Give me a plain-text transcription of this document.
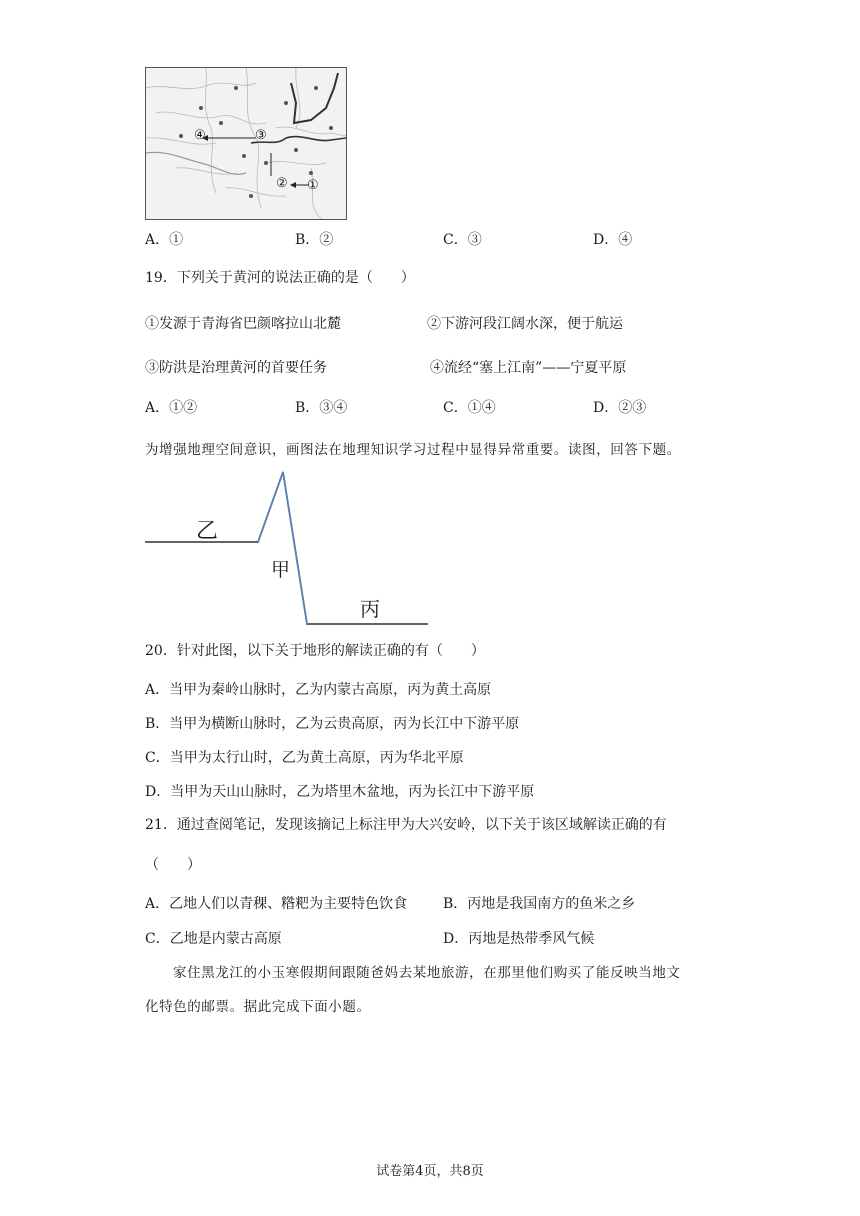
④	③
② ①
A．①	B．②	C．③	D．④
19．下列关于黄河的说法正确的是（　　）
①发源于青海省巴颜喀拉山北麓	②下游河段江阔水深，便于航运
③防洪是治理黄河的首要任务	④流经“塞上江南”——宁夏平原
A．①②	B．③④	C．①④	D．②③
为增强地理空间意识，画图法在地理知识学习过程中显得异常重要。读图，回答下题。
乙
甲
丙
20．针对此图，以下关于地形的解读正确的有（　　）
A．当甲为秦岭山脉时，乙为内蒙古高原，丙为黄土高原
B．当甲为横断山脉时，乙为云贵高原，丙为长江中下游平原
C．当甲为太行山时，乙为黄土高原，丙为华北平原
D．当甲为天山山脉时，乙为塔里木盆地，丙为长江中下游平原
21．通过查阅笔记，发现该摘记上标注甲为大兴安岭，以下关于该区域解读正确的有
（　　）
A．乙地人们以青稞、糌粑为主要特色饮食	B．丙地是我国南方的鱼米之乡
C．乙地是内蒙古高原	D．丙地是热带季风气候
家住黑龙江的小玉寒假期间跟随爸妈去某地旅游，在那里他们购买了能反映当地文
化特色的邮票。据此完成下面小题。
试卷第4页，共8页
